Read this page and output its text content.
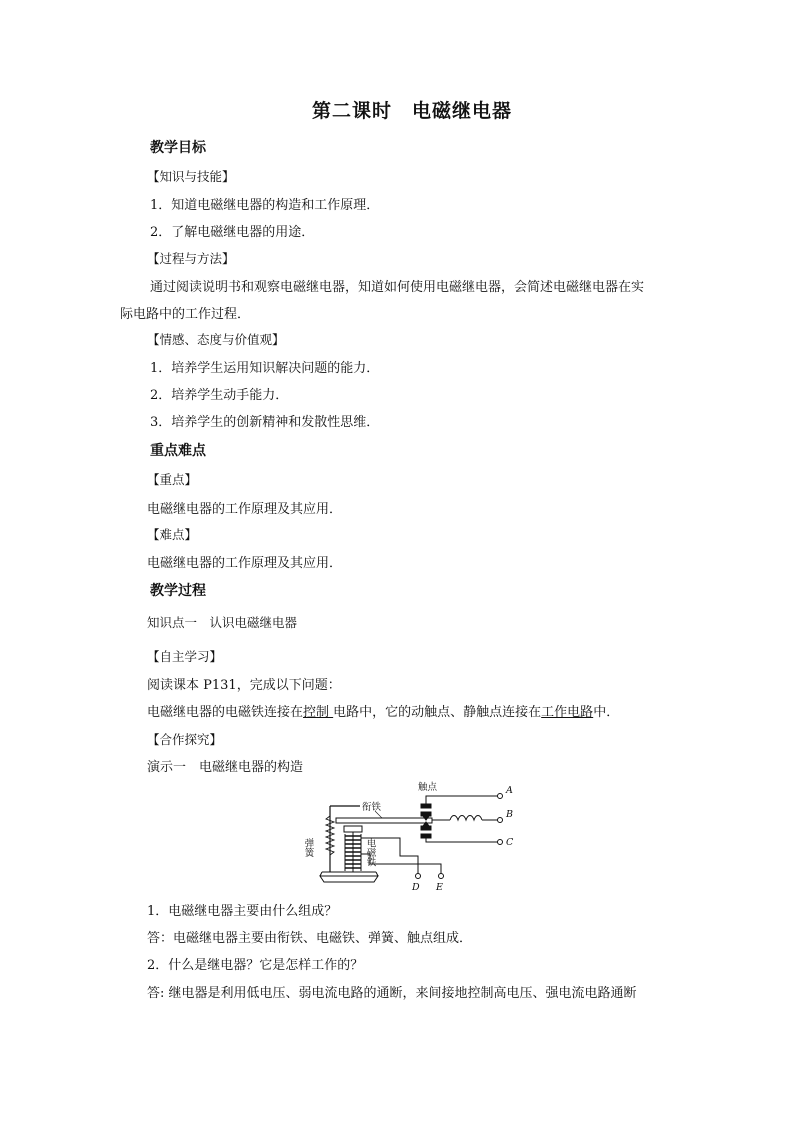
第二课时　电磁继电器
教学目标
【知识与技能】
1．知道电磁继电器的构造和工作原理．
2．了解电磁继电器的用途．
【过程与方法】
通过阅读说明书和观察电磁继电器，知道如何使用电磁继电器，会简述电磁继电器在实
际电路中的工作过程．
【情感、态度与价值观】
1．培养学生运用知识解决问题的能力．
2．培养学生动手能力．
3．培养学生的创新精神和发散性思维．
重点难点
【重点】
电磁继电器的工作原理及其应用．
【难点】
电磁继电器的工作原理及其应用．
教学过程
知识点一　认识电磁继电器
【自主学习】
阅读课本 P131，完成以下问题：
电磁继电器的电磁铁连接在控制 电路中，它的动触点、静触点连接在工作电路中．
【合作探究】
演示一　电磁继电器的构造
触点
衔铁
弹簧	电磁铁
A
B
C
D E
1．电磁继电器主要由什么组成？
答：电磁继电器主要由衔铁、电磁铁、弹簧、触点组成．
2．什么是继电器？它是怎样工作的？
答: 继电器是利用低电压、弱电流电路的通断，来间接地控制高电压、强电流电路通断
